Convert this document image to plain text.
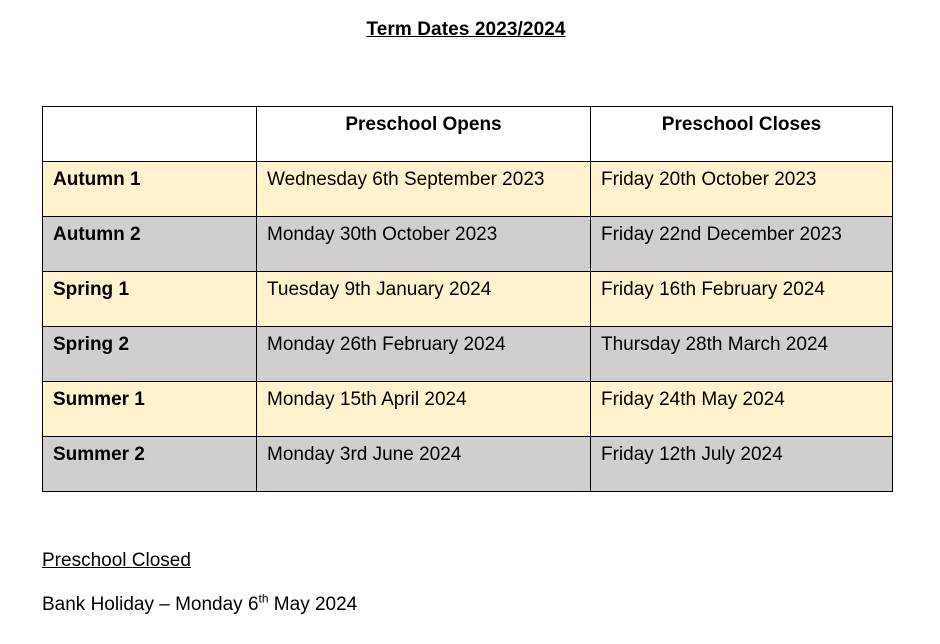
Term Dates 2023/2024
	Preschool Opens	Preschool Closes
Autumn 1	Wednesday 6th September 2023	Friday 20th October 2023
Autumn 2	Monday 30th October 2023	Friday 22nd December 2023
Spring 1	Tuesday 9th January 2024	Friday 16th February 2024
Spring 2	Monday 26th February 2024	Thursday 28th March 2024
Summer 1	Monday 15th April 2024	Friday 24th May 2024
Summer 2	Monday 3rd June 2024	Friday 12th July 2024
Preschool Closed
Bank Holiday – Monday 6th May 2024
